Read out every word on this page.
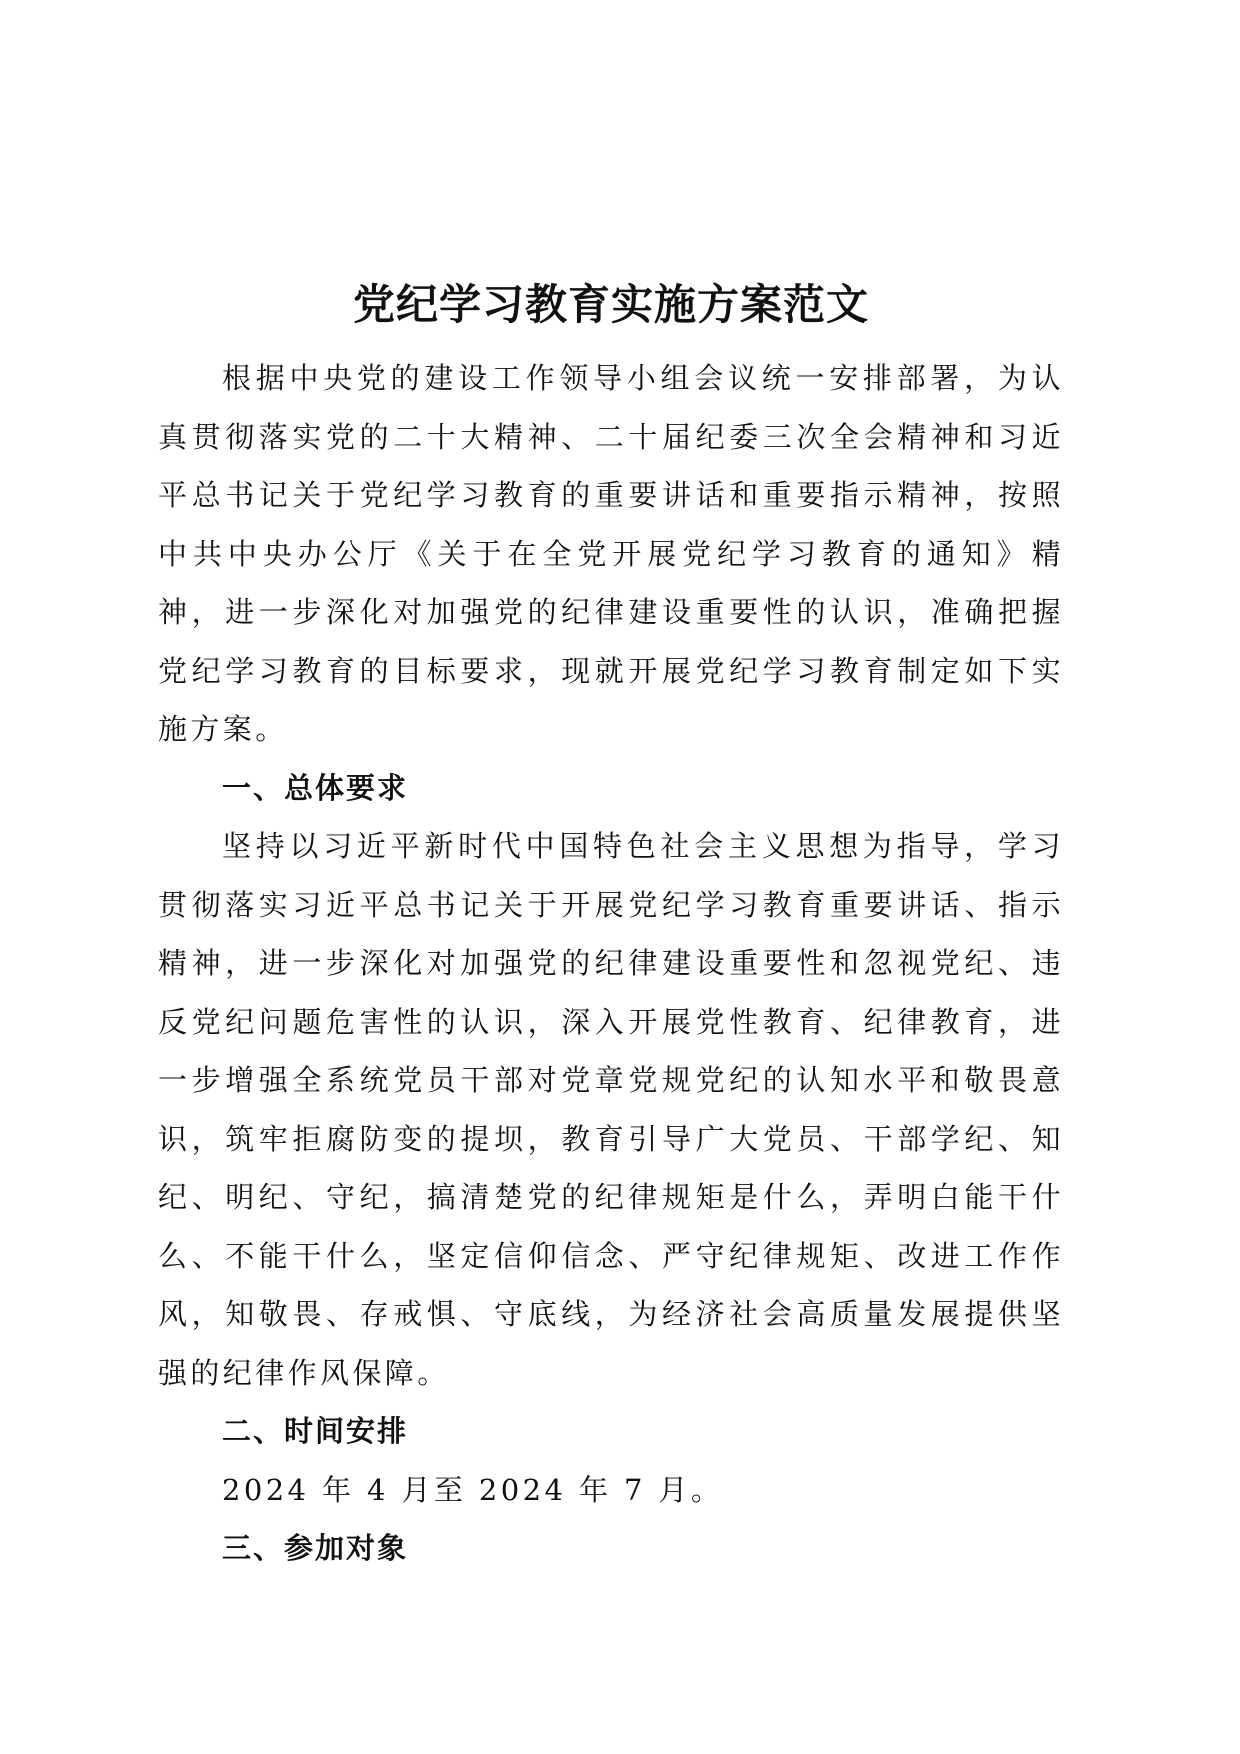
党纪学习教育实施方案范文

根据中央党的建设工作领导小组会议统一安排部署，为认真贯彻落实党的二十大精神、二十届纪委三次全会精神和习近平总书记关于党纪学习教育的重要讲话和重要指示精神，按照中共中央办公厅《关于在全党开展党纪学习教育的通知》精神，进一步深化对加强党的纪律建设重要性的认识，准确把握党纪学习教育的目标要求，现就开展党纪学习教育制定如下实施方案。

一、总体要求

坚持以习近平新时代中国特色社会主义思想为指导，学习贯彻落实习近平总书记关于开展党纪学习教育重要讲话、指示精神，进一步深化对加强党的纪律建设重要性和忽视党纪、违反党纪问题危害性的认识，深入开展党性教育、纪律教育，进一步增强全系统党员干部对党章党规党纪的认知水平和敬畏意识，筑牢拒腐防变的提坝，教育引导广大党员、干部学纪、知纪、明纪、守纪，搞清楚党的纪律规矩是什么，弄明白能干什么、不能干什么，坚定信仰信念、严守纪律规矩、改进工作作风，知敬畏、存戒惧、守底线，为经济社会高质量发展提供坚强的纪律作风保障。

二、时间安排

2024 年 4 月至 2024 年 7 月。

三、参加对象
